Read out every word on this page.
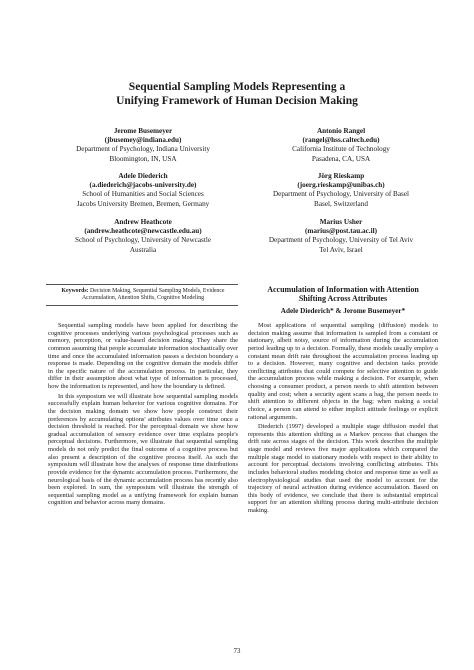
Sequential Sampling Models Representing a
Unifying Framework of Human Decision Making
Jerome Busemeyer
(jbusemey@indiana.edu)
Department of Psychology, Indiana University
Bloomington, IN, USA
Antonio Rangel
(rangel@hss.caltech.edu)
California Institute of Technology
Pasadena, CA, USA
Adele Diederich
(a.diederich@jacobs-university.de)
School of Humanities and Social Sciences
Jacobs University Bremen, Bremen, Germany
Jörg Rieskamp
(joerg.rieskamp@unibas.ch)
Department of Psychology, University of Basel
Basel, Switzerland
Andrew Heathcote
(andrew.heathcote@newcastle.edu.au)
School of Psychology, University of Newcastle
Australia
Marius Usher
(marius@post.tau.ac.il)
Department of Psychology, University of Tel Aviv
Tel Aviv, Israel
Keywords: Decision Making, Sequential Sampling Models, Evidence Accumulation, Attention Shifts, Cognitive Modeling

Sequential sampling models have been applied for describing the cognitive processes underlying various psychological processes such as memory, perception, or value-based decision making. They share the common assuming that people accumulate information stochastically over time and once the accumulated information passes a decision boundary a response is made. Depending on the cognitive domain the models differ in the specific nature of the accumulation process. In particular, they differ in their assumption about what type of information is processed, how the information is represented, and how the boundary is defined.

In this symposium we will illustrate how sequential sampling models successfully explain human behavior for various cognitive domains. For the decision making domain we show how people construct their preferences by accumulating options' attributes values over time once a decision threshold is reached. For the perceptual domain we show how gradual accumulation of sensory evidence over time explains people's perceptual decisions. Furthermore, we illustrate that sequential sampling models do not only predict the final outcome of a cognitive process but also present a description of the cognitive process itself. As such the symposium will illustrate how the analyses of response time distributions provide evidence for the dynamic accumulation process. Furthermore, the neurological basis of the dynamic accumulation process has recently also been explored. In sum, the symposium will illustrate the strength of sequential sampling model as a unifying framework for explain human cognition and behavior across many domains.

Accumulation of Information with Attention
Shifting Across Attributes
Adele Diederich* & Jerome Busemeyer*

Most applications of sequential sampling (diffusion) models to decision making assume that information is sampled from a constant or stationary, albeit noisy, source of information during the accumulation period leading up to a decision. Formally, these models usually employ a constant mean drift rate throughout the accumulation process leading up to a decision. However, many cognitive and decision tasks provide conflicting attributes that could compete for selective attention to guide the accumulation process while making a decision. For example, when choosing a consumer product, a person needs to shift attention between quality and cost; when a security agent scans a bag, the person needs to shift attention to different objects in the bag; when making a social choice, a person can attend to either implicit attitude feelings or explicit rational arguments.

Diederich (1997) developed a multiple stage diffusion model that represents this attention shifting as a Markov process that changes the drift rate across stages of the decision. This work describes the multiple stage model and reviews five major applications which compared the multiple stage model to stationary models with respect to their ability to account for perceptual decisions involving conflicting attributes. This includes behavioral studies modeling choice and response time as well as electrophysiological studies that used the model to account for the trajectory of neural activation during evidence accumulation. Based on this body of evidence, we conclude that there is substantial empirical support for an attention shifting process during multi-attribute decision making.

73
